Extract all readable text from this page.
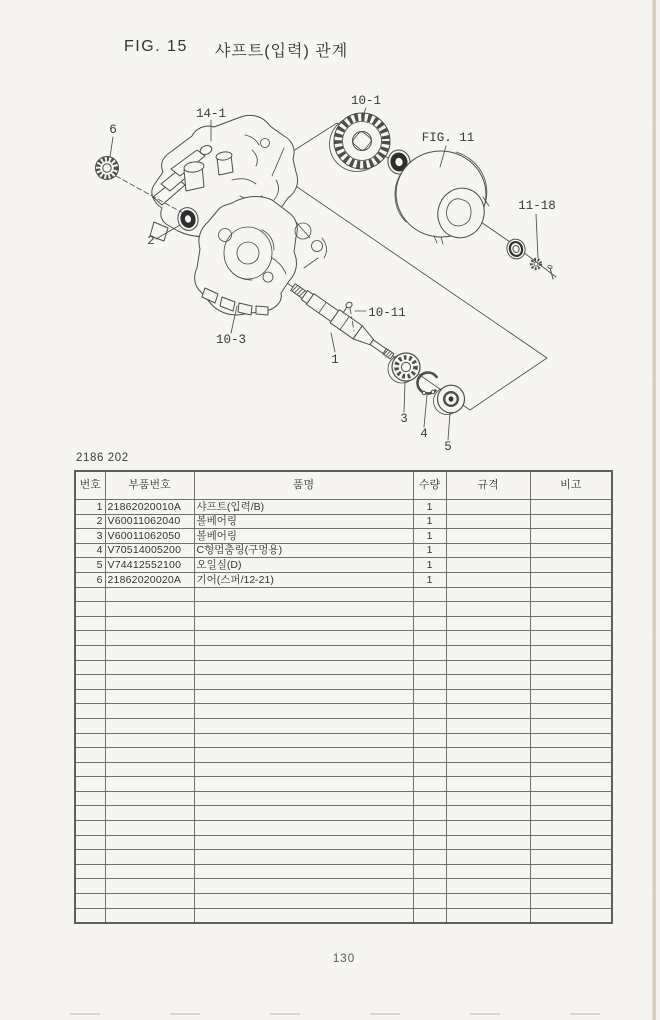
FIG. 15 샤프트(입력) 관계
6
14-1
10-1
FIG. 11
11-18
2
10-3
10-11
1
3
4
5
2186 202
번호	부품번호	품명	수량	규격	비고
1	21862020010A	샤프트(입력/B)	1		
2	V60011062040	볼베어링	1		
3	V60011062050	볼베어링	1		
4	V70514005200	C형멈춤링(구멍용)	1		
5	V74412552100	오일실(D)	1		
6	21862020020A	기어(스퍼/12-21)	1		

130
